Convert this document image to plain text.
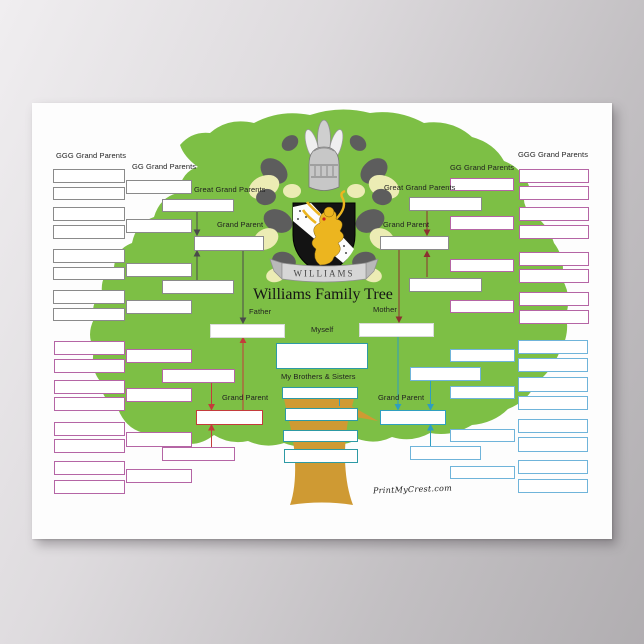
WILLIAMS
GGG Grand Parents	GGG Grand Parents
GG Grand Parents	GG Grand Parents
Great Grand Parents	Great Grand Parents
Grand Parent	Grand Parent
Father	Mother
Myself
My Brothers & Sisters
Grand Parent	Grand Parent
Williams Family Tree
PrintMyCrest.com
